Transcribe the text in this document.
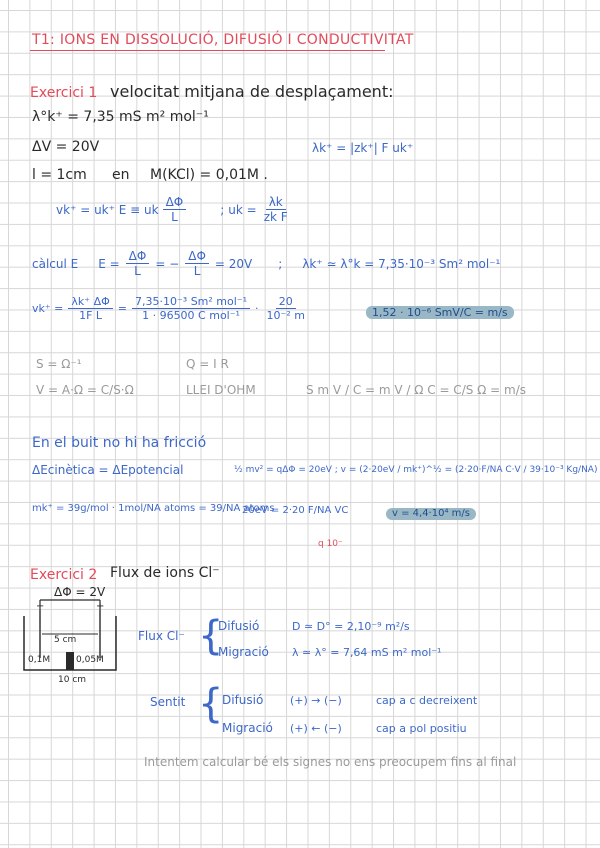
T1: IONS EN DISSOLUCIÓ, DIFUSIÓ I CONDUCTIVITAT
Exercici 1 velocitat mitjana de desplaçament:
λ°k⁺ = 7,35 mS m² mol⁻¹
ΔV = 20V	λk⁺ = |zk⁺| F uk⁺
l = 1cm en M(KCl) = 0,01M .
vk⁺ = uk⁺ E ≡ uk $\frac{\Delta\Phi}{L}$	; uk = $\frac{\lambda k}{\text{zk F}}$
càlcul E $E = \frac{\Delta\Phi}{L}$ = − $\frac{\Delta\Phi}{L} = 20V$ ; λk⁺ ≃ λ°k = 7,35·10⁻³ Sm² mol⁻¹
$vk^+ = \frac{\lambda k^+ \Delta\Phi}{\text{1F L}} = \frac{\text{7,35·10⁻³ Sm² mol⁻¹}}{\text{1 · 96500 C mol⁻¹}} \cdot \frac{20}{\text{10⁻² m}}$	1,52 · 10⁻⁶ SmV/C = m/s
S = Ω⁻¹	Q = I R
V = A·Ω = C/S·Ω	LLEI D'OHM	S m V / C = m V / Ω C = C/S Ω = m/s
En el buit no hi ha fricció
ΔEcinètica = ΔEpotencial	½ mv² = qΔΦ = 20eV ; v = (2·20eV / mk⁺)^½ = (2·20·F/NA C·V / 39·10⁻³ Kg/NA)
mk⁺ = 39g/mol · 1mol/NA atoms = 39/NA atoms
20eV = 2·20 F/NA VC
q 10⁻
v = 4,4·10⁴ m/s
Exercici 2 Flux de ions Cl⁻
ΔΦ = 2V
−	+
5 cm
0,1M	0,05M
10 cm
Flux Cl⁻ {
Difusió	D ≃ D° = 2,10⁻⁹ m²/s
Migració λ ≃ λ° = 7,64 mS m² mol⁻¹
Sentit {
Difusió (+) → (−)	cap a c decreixent
Migració (+) ← (−)	cap a pol positiu
Intentem calcular bé els signes no ens preocupem fins al final
